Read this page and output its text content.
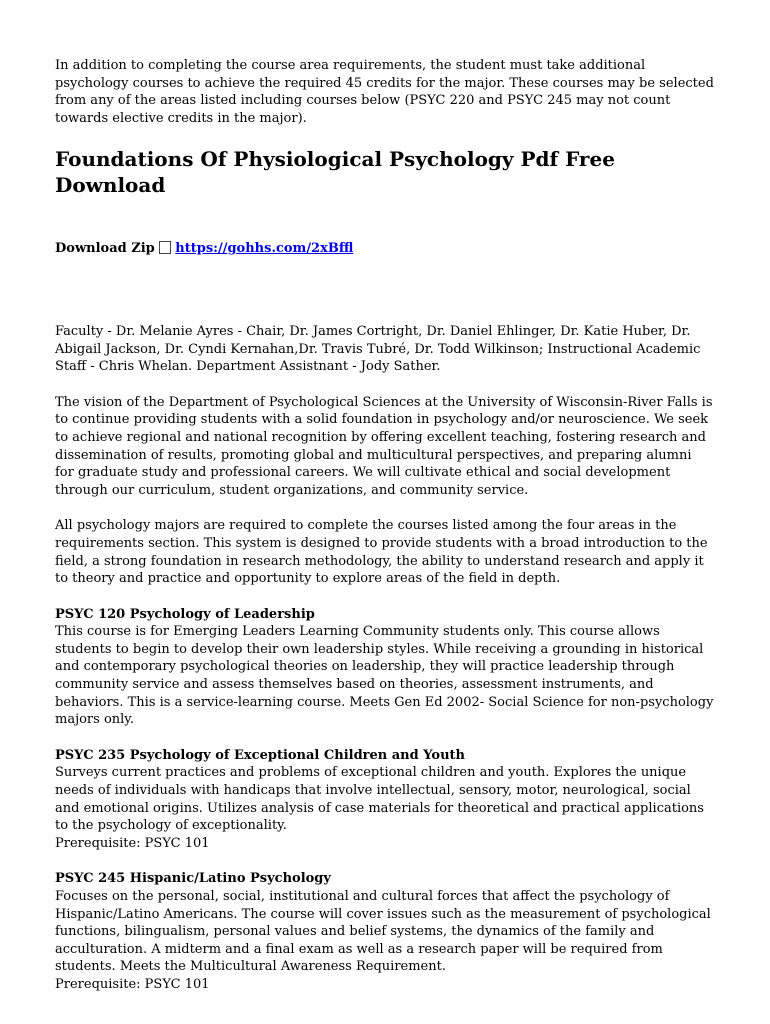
In addition to completing the course area requirements, the student must take additional psychology courses to achieve the required 45 credits for the major. These courses may be selected from any of the areas listed including courses below (PSYC 220 and PSYC 245 may not count towards elective credits in the major).

Foundations Of Physiological Psychology Pdf Free Download

Download Zip https://gohhs.com/2xBffl

Faculty - Dr. Melanie Ayres - Chair, Dr. James Cortright, Dr. Daniel Ehlinger, Dr. Katie Huber, Dr. Abigail Jackson, Dr. Cyndi Kernahan,Dr. Travis Tubré, Dr. Todd Wilkinson; Instructional Academic Staff - Chris Whelan. Department Assistnant - Jody Sather.

The vision of the Department of Psychological Sciences at the University of Wisconsin-River Falls is to continue providing students with a solid foundation in psychology and/or neuroscience. We seek to achieve regional and national recognition by offering excellent teaching, fostering research and dissemination of results, promoting global and multicultural perspectives, and preparing alumni for graduate study and professional careers. We will cultivate ethical and social development through our curriculum, student organizations, and community service.

All psychology majors are required to complete the courses listed among the four areas in the requirements section. This system is designed to provide students with a broad introduction to the field, a strong foundation in research methodology, the ability to understand research and apply it to theory and practice and opportunity to explore areas of the field in depth.

PSYC 120 Psychology of Leadership

This course is for Emerging Leaders Learning Community students only. This course allows students to begin to develop their own leadership styles. While receiving a grounding in historical and contemporary psychological theories on leadership, they will practice leadership through community service and assess themselves based on theories, assessment instruments, and behaviors. This is a service-learning course. Meets Gen Ed 2002- Social Science for non-psychology majors only.

PSYC 235 Psychology of Exceptional Children and Youth

Surveys current practices and problems of exceptional children and youth. Explores the unique needs of individuals with handicaps that involve intellectual, sensory, motor, neurological, social and emotional origins. Utilizes analysis of case materials for theoretical and practical applications to the psychology of exceptionality.

Prerequisite: PSYC 101

PSYC 245 Hispanic/Latino Psychology

Focuses on the personal, social, institutional and cultural forces that affect the psychology of Hispanic/Latino Americans. The course will cover issues such as the measurement of psychological functions, bilingualism, personal values and belief systems, the dynamics of the family and acculturation. A midterm and a final exam as well as a research paper will be required from students. Meets the Multicultural Awareness Requirement.

Prerequisite: PSYC 101
